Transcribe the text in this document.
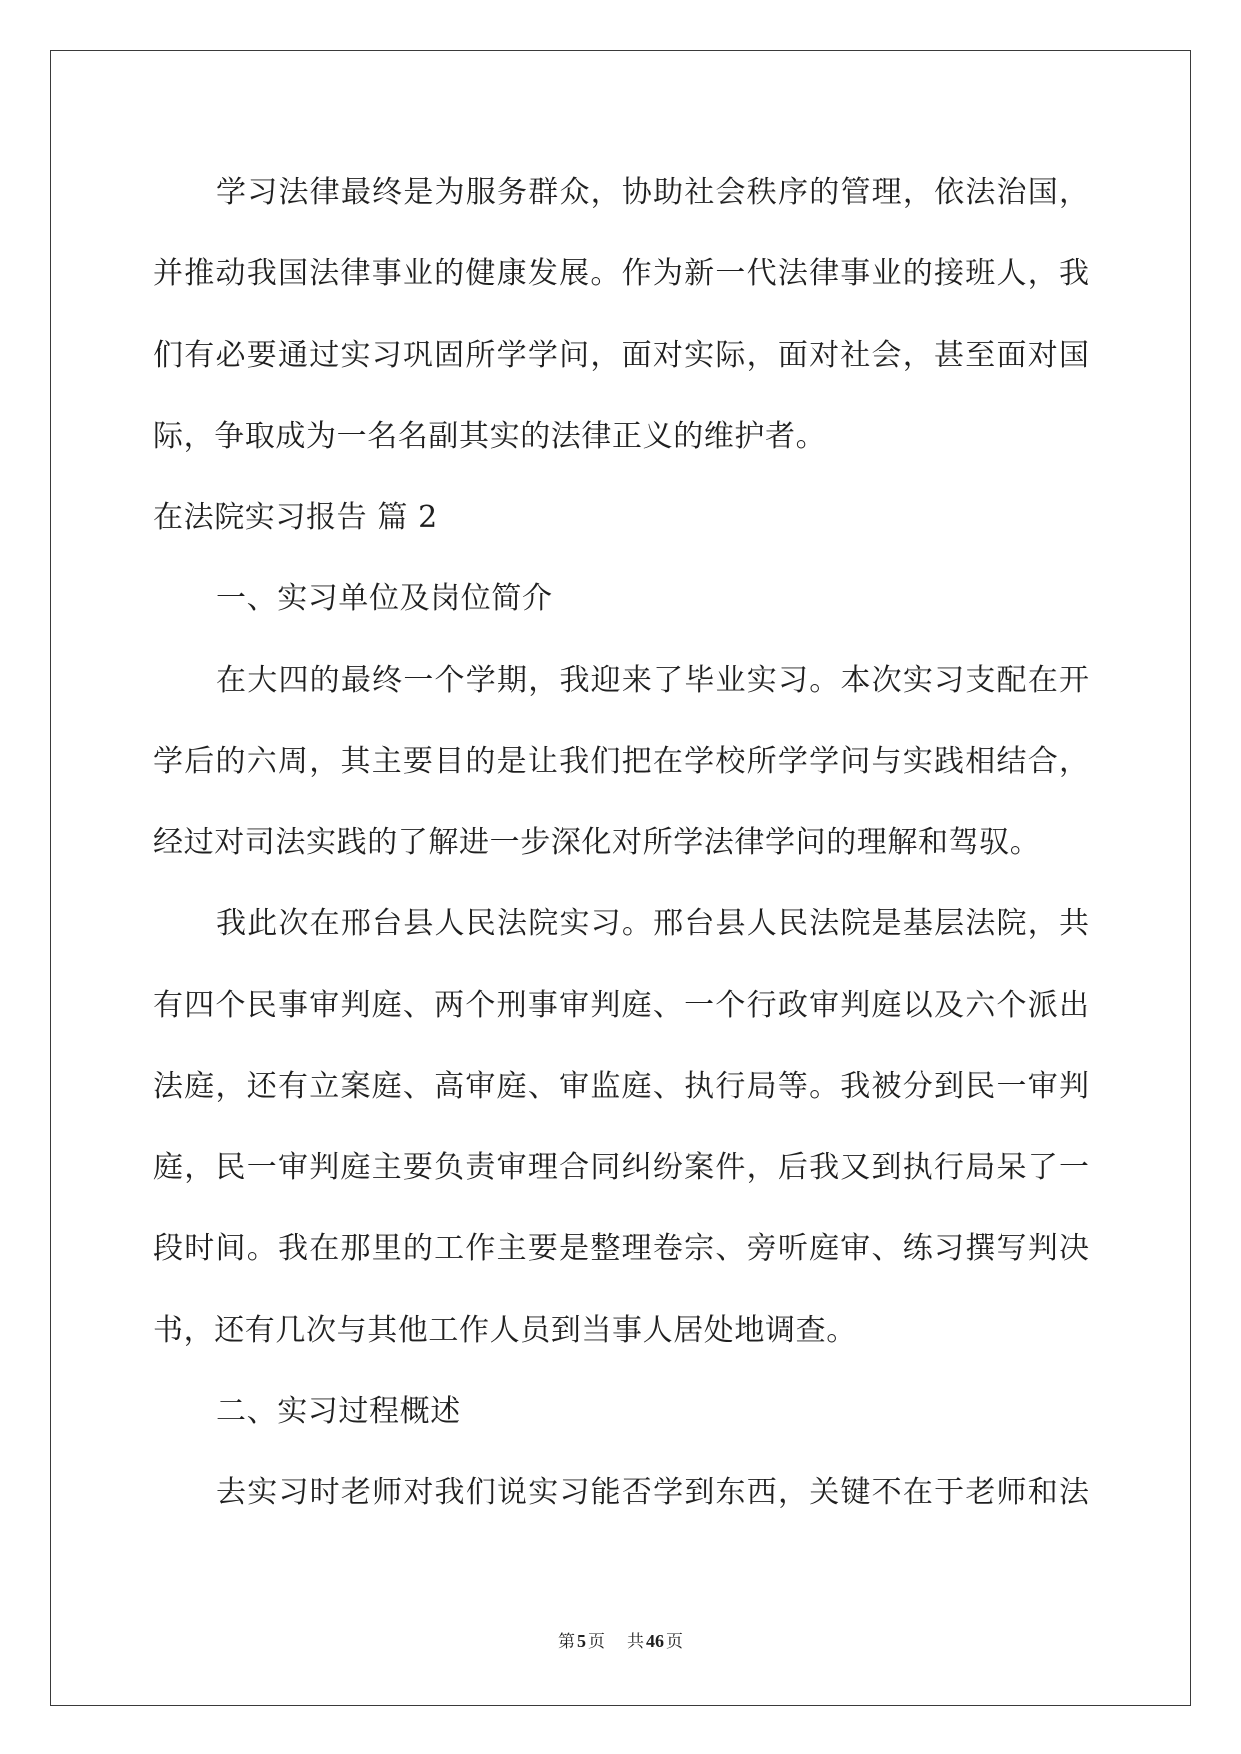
学习法律最终是为服务群众，协助社会秩序的管理，依法治国，
并推动我国法律事业的健康发展。作为新一代法律事业的接班人，我
们有必要通过实习巩固所学学问，面对实际，面对社会，甚至面对国
际，争取成为一名名副其实的法律正义的维护者。
在法院实习报告 篇 2
一、实习单位及岗位简介
在大四的最终一个学期，我迎来了毕业实习。本次实习支配在开
学后的六周，其主要目的是让我们把在学校所学学问与实践相结合，
经过对司法实践的了解进一步深化对所学法律学问的理解和驾驭。
我此次在邢台县人民法院实习。邢台县人民法院是基层法院，共
有四个民事审判庭、两个刑事审判庭、一个行政审判庭以及六个派出
法庭，还有立案庭、高审庭、审监庭、执行局等。我被分到民一审判
庭，民一审判庭主要负责审理合同纠纷案件，后我又到执行局呆了一
段时间。我在那里的工作主要是整理卷宗、旁听庭审、练习撰写判决
书，还有几次与其他工作人员到当事人居处地调查。
二、实习过程概述
去实习时老师对我们说实习能否学到东西，关键不在于老师和法
第 5 页 共 46 页
